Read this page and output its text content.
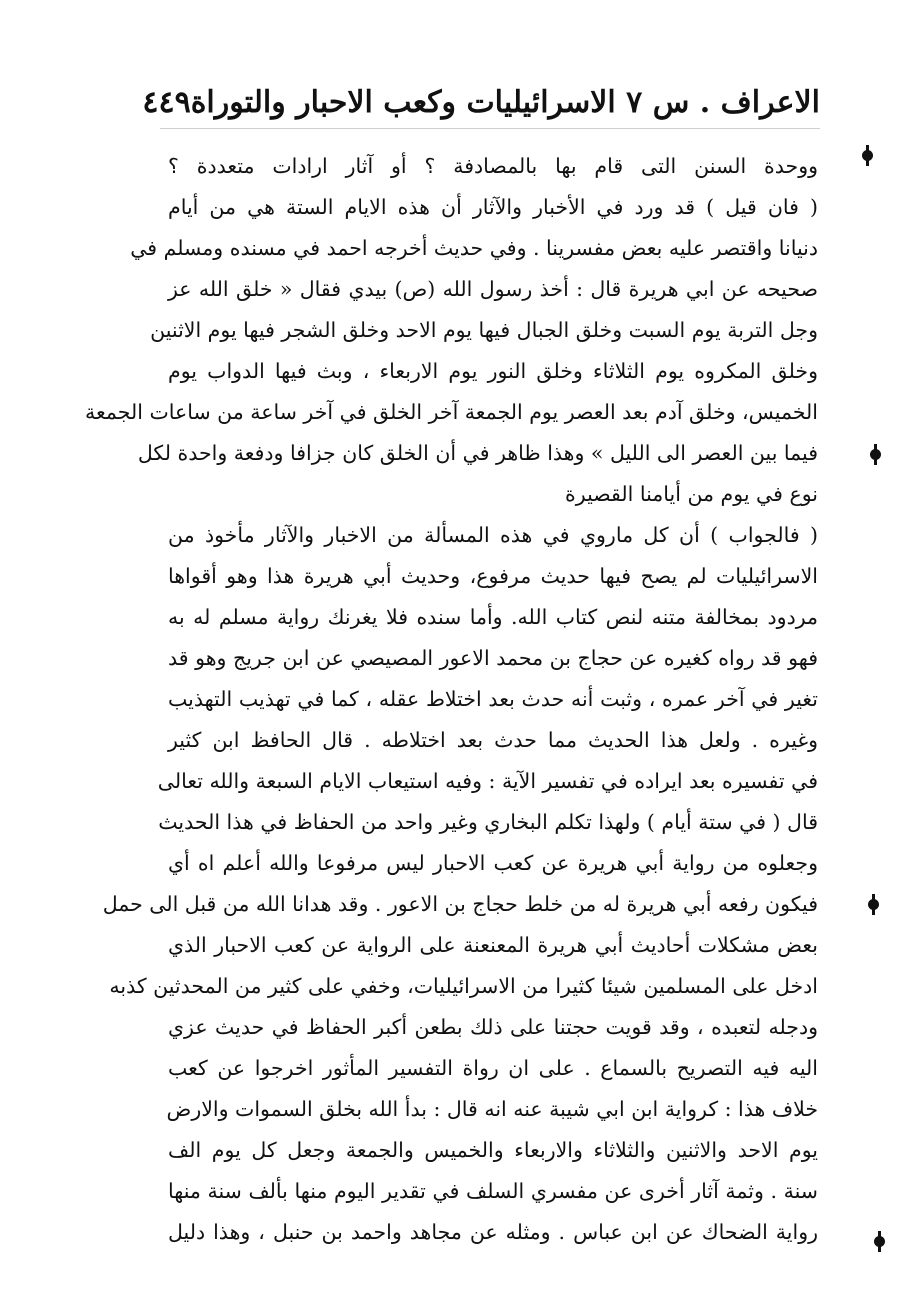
الاعراف . س ٧ الاسرائيليات وكعب الاحبار والتوراة
٤٤٩
ووحدة السنن التى قام بها بالمصادفة ؟ أو آثار ارادات متعددة ؟
( فان قيل ) قد ورد في الأخبار والآثار أن هذه الايام الستة هي من أيام
دنيانا واقتصر عليه بعض مفسرينا . وفي حديث أخرجه احمد في مسنده ومسلم في
صحيحه عن ابي هريرة قال : أخذ رسول الله (ص) بيدي فقال « خلق الله عز
وجل التربة يوم السبت وخلق الجبال فيها يوم الاحد وخلق الشجر فيها يوم الاثنين
وخلق المكروه يوم الثلاثاء وخلق النور يوم الاربعاء ، وبث فيها الدواب يوم
الخميس، وخلق آدم بعد العصر يوم الجمعة آخر الخلق في آخر ساعة من ساعات الجمعة
فيما بين العصر الى الليل » وهذا ظاهر في أن الخلق كان جزافا ودفعة واحدة لكل
نوع في يوم من أيامنا القصيرة
( فالجواب ) أن كل ماروي في هذه المسألة من الاخبار والآثار مأخوذ من
الاسرائيليات لم يصح فيها حديث مرفوع، وحديث أبي هريرة هذا وهو أقواها
مردود بمخالفة متنه لنص كتاب الله. وأما سنده فلا يغرنك رواية مسلم له به
فهو قد رواه كغيره عن حجاج بن محمد الاعور المصيصي عن ابن جريج وهو قد
تغير في آخر عمره ، وثبت أنه حدث بعد اختلاط عقله ، كما في تهذيب التهذيب
وغيره . ولعل هذا الحديث مما حدث بعد اختلاطه . قال الحافظ ابن كثير
في تفسيره بعد ايراده في تفسير الآية : وفيه استيعاب الايام السبعة والله تعالى
قال ( في ستة أيام ) ولهذا تكلم البخاري وغير واحد من الحفاظ في هذا الحديث
وجعلوه من رواية أبي هريرة عن كعب الاحبار ليس مرفوعا والله أعلم اه أي
فيكون رفعه أبي هريرة له من خلط حجاج بن الاعور . وقد هدانا الله من قبل الى حمل
بعض مشكلات أحاديث أبي هريرة المعنعنة على الرواية عن كعب الاحبار الذي
ادخل على المسلمين شيئا كثيرا من الاسرائيليات، وخفي على كثير من المحدثين كذبه
ودجله لتعبده ، وقد قويت حجتنا على ذلك بطعن أكبر الحفاظ في حديث عزي
اليه فيه التصريح بالسماع . على ان رواة التفسير المأثور اخرجوا عن كعب
خلاف هذا : كرواية ابن ابي شيبة عنه انه قال : بدأ الله بخلق السموات والارض
يوم الاحد والاثنين والثلاثاء والاربعاء والخميس والجمعة وجعل كل يوم الف
سنة . وثمة آثار أخرى عن مفسري السلف في تقدير اليوم منها بألف سنة منها
رواية الضحاك عن ابن عباس . ومثله عن مجاهد واحمد بن حنبل ، وهذا دليل
